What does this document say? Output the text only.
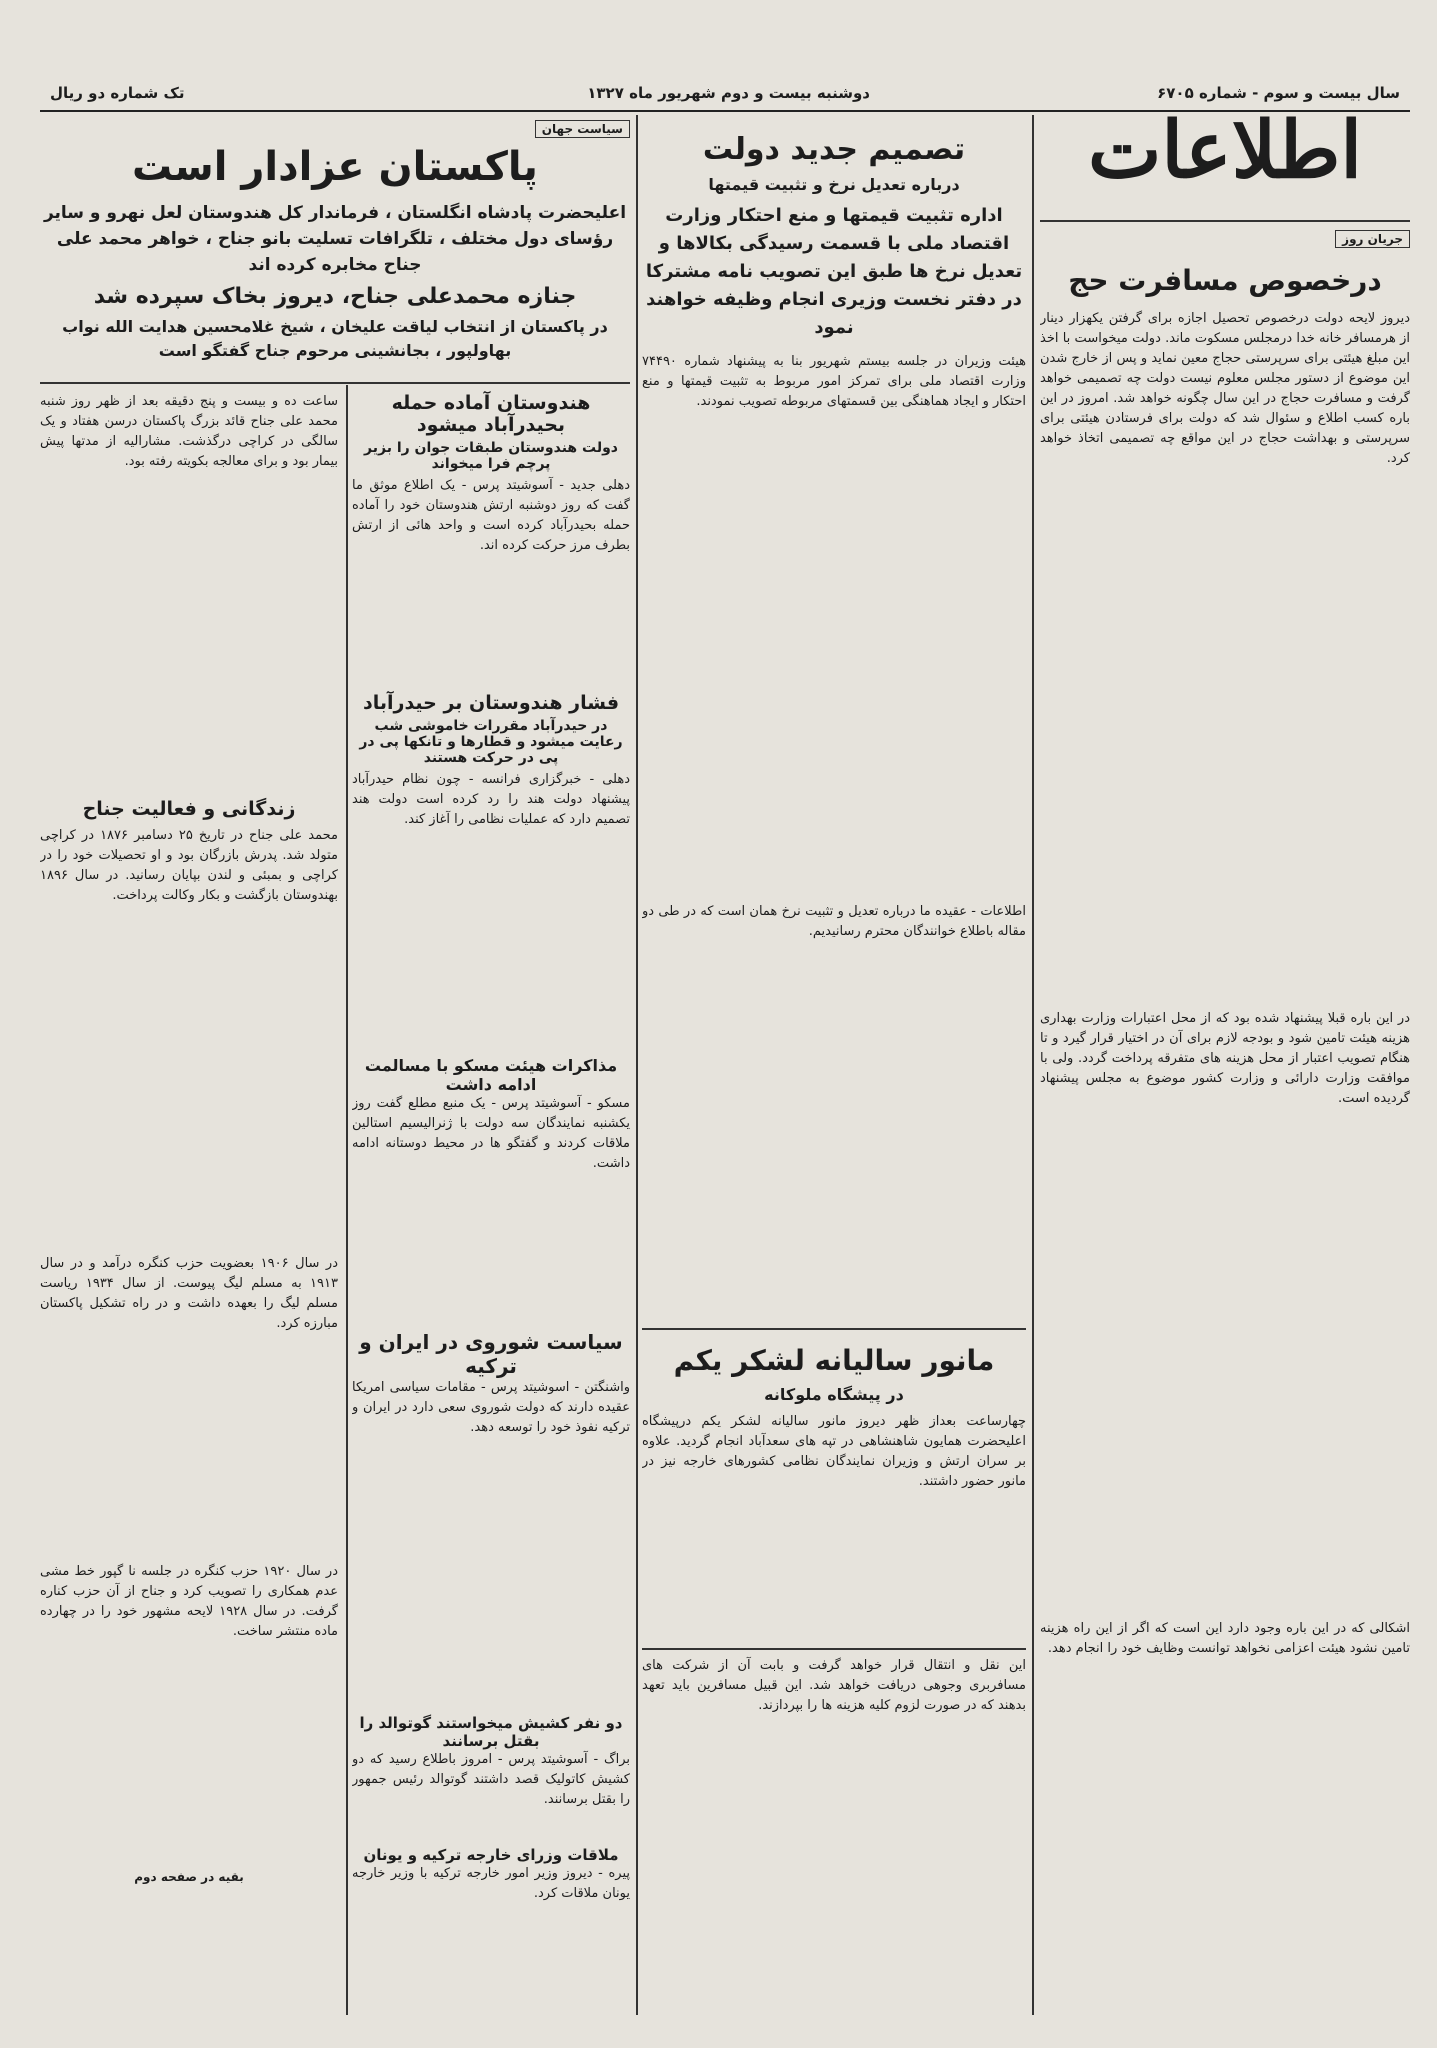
سال بیست و سوم - شماره ۶۷۰۵
دوشنبه بیست و دوم شهریور ماه ۱۳۲۷
تک شماره دو ریال
اطلاعات
جریان روز
درخصوص مسافرت حج

دیروز لایحه دولت درخصوص تحصیل اجازه برای گرفتن یکهزار دینار از هرمسافر خانه خدا درمجلس مسکوت ماند. دولت میخواست با اخذ این مبلغ هیئتی برای سرپرستی حجاج معین نماید و پس از خارج شدن این موضوع از دستور مجلس معلوم نیست دولت چه تصمیمی خواهد گرفت و مسافرت حجاج در این سال چگونه خواهد شد. امروز در این باره کسب اطلاع و سئوال شد که دولت برای فرستادن هیئتی برای سرپرستی و بهداشت حجاج در این مواقع چه تصمیمی اتخاذ خواهد کرد.

در این باره قبلا پیشنهاد شده بود که از محل اعتبارات وزارت بهداری هزینه هیئت تامین شود و بودجه لازم برای آن در اختیار قرار گیرد و تا هنگام تصویب اعتبار از محل هزینه های متفرقه پرداخت گردد. ولی با موافقت وزارت دارائی و وزارت کشور موضوع به مجلس پیشنهاد گردیده است.

اشکالی که در این باره وجود دارد این است که اگر از این راه هزینه تامین نشود هیئت اعزامی نخواهد توانست وظایف خود را انجام دهد.

تصمیم جدید دولت
درباره تعدیل نرخ و تثبیت قیمتها
اداره تثبیت قیمتها و منع احتکار وزارت اقتصاد ملی با قسمت رسیدگی بکالاها و تعدیل نرخ ها طبق این تصویب نامه مشترکا در دفتر نخست وزیری انجام وظیفه خواهند نمود

هیئت وزیران در جلسه بیستم شهریور بنا به پیشنهاد شماره ۷۴۴۹۰ وزارت اقتصاد ملی برای تمرکز امور مربوط به تثبیت قیمتها و منع احتکار و ایجاد هماهنگی بین قسمتهای مربوطه تصویب نمودند.

اطلاعات - عقیده ما درباره تعدیل و تثبیت نرخ همان است که در طی دو مقاله باطلاع خوانندگان محترم رسانیدیم.

مانور سالیانه لشکر یکم
در پیشگاه ملوکانه

چهارساعت بعداز ظهر دیروز مانور سالیانه لشکر یکم درپیشگاه اعلیحضرت همایون شاهنشاهی در تپه های سعدآباد انجام گردید. علاوه بر سران ارتش و وزیران نمایندگان نظامی کشورهای خارجه نیز در مانور حضور داشتند.

این نقل و انتقال قرار خواهد گرفت و بابت آن از شرکت های مسافربری وجوهی دریافت خواهد شد. این قبیل مسافرین باید تعهد بدهند که در صورت لزوم کلیه هزینه ها را بپردازند.

سیاست جهان
پاکستان عزادار است
اعلیحضرت پادشاه انگلستان ، فرماندار کل هندوستان لعل نهرو و سایر رؤسای دول مختلف ، تلگرافات تسلیت بانو جناح ، خواهر محمد علی جناح مخابره کرده اند
جنازه محمدعلی جناح، دیروز بخاک سپرده شد
در پاکستان از انتخاب لیاقت علیخان ، شیخ غلامحسین هدایت الله نواب بهاولپور ، بجانشینی مرحوم جناح گفتگو است
هندوستان آماده حمله بحیدرآباد میشود
دولت هندوستان طبقات جوان را بزیر پرچم فرا میخواند

دهلی جدید - آسوشیتد پرس - یک اطلاع موثق ما گفت که روز دوشنبه ارتش هندوستان خود را آماده حمله بحیدرآباد کرده است و واحد هائی از ارتش بطرف مرز حرکت کرده اند.

فشار هندوستان بر حیدرآباد
در حیدرآباد مقررات خاموشی شب رعایت میشود و قطارها و تانکها پی در پی در حرکت هستند

دهلی - خبرگزاری فرانسه - چون نظام حیدرآباد پیشنهاد دولت هند را رد کرده است دولت هند تصمیم دارد که عملیات نظامی را آغاز کند.

مذاکرات هیئت مسکو با مسالمت ادامه داشت

مسکو - آسوشیتد پرس - یک منبع مطلع گفت روز یکشنبه نمایندگان سه دولت با ژنرالیسیم استالین ملاقات کردند و گفتگو ها در محیط دوستانه ادامه داشت.

سیاست شوروی در ایران و ترکیه

واشنگتن - اسوشیتد پرس - مقامات سیاسی امریکا عقیده دارند که دولت شوروی سعی دارد در ایران و ترکیه نفوذ خود را توسعه دهد.

دو نفر کشیش میخواستند گوتوالد را بقتل برسانند

براگ - آسوشیتد پرس - امروز باطلاع رسید که دو کشیش کاتولیک قصد داشتند گوتوالد رئیس جمهور را بقتل برسانند.

ملاقات وزرای خارجه ترکیه و یونان

پیره - دیروز وزیر امور خارجه ترکیه با وزیر خارجه یونان ملاقات کرد.

ساعت ده و بیست و پنج دقیقه بعد از ظهر روز شنبه محمد علی جناح قائد بزرگ پاکستان درسن هفتاد و یک سالگی در کراچی درگذشت. مشارالیه از مدتها پیش بیمار بود و برای معالجه بکویته رفته بود.

زندگانی و فعالیت جناح

محمد علی جناح در تاریخ ۲۵ دسامبر ۱۸۷۶ در کراچی متولد شد. پدرش بازرگان بود و او تحصیلات خود را در کراچی و بمبئی و لندن بپایان رسانید. در سال ۱۸۹۶ بهندوستان بازگشت و بکار وکالت پرداخت.

در سال ۱۹۰۶ بعضویت حزب کنگره درآمد و در سال ۱۹۱۳ به مسلم لیگ پیوست. از سال ۱۹۳۴ ریاست مسلم لیگ را بعهده داشت و در راه تشکیل پاکستان مبارزه کرد.

در سال ۱۹۲۰ حزب کنگره در جلسه نا گپور خط مشی عدم همکاری را تصویب کرد و جناح از آن حزب کناره گرفت. در سال ۱۹۲۸ لایحه مشهور خود را در چهارده ماده منتشر ساخت.

بقیه در صفحه دوم
